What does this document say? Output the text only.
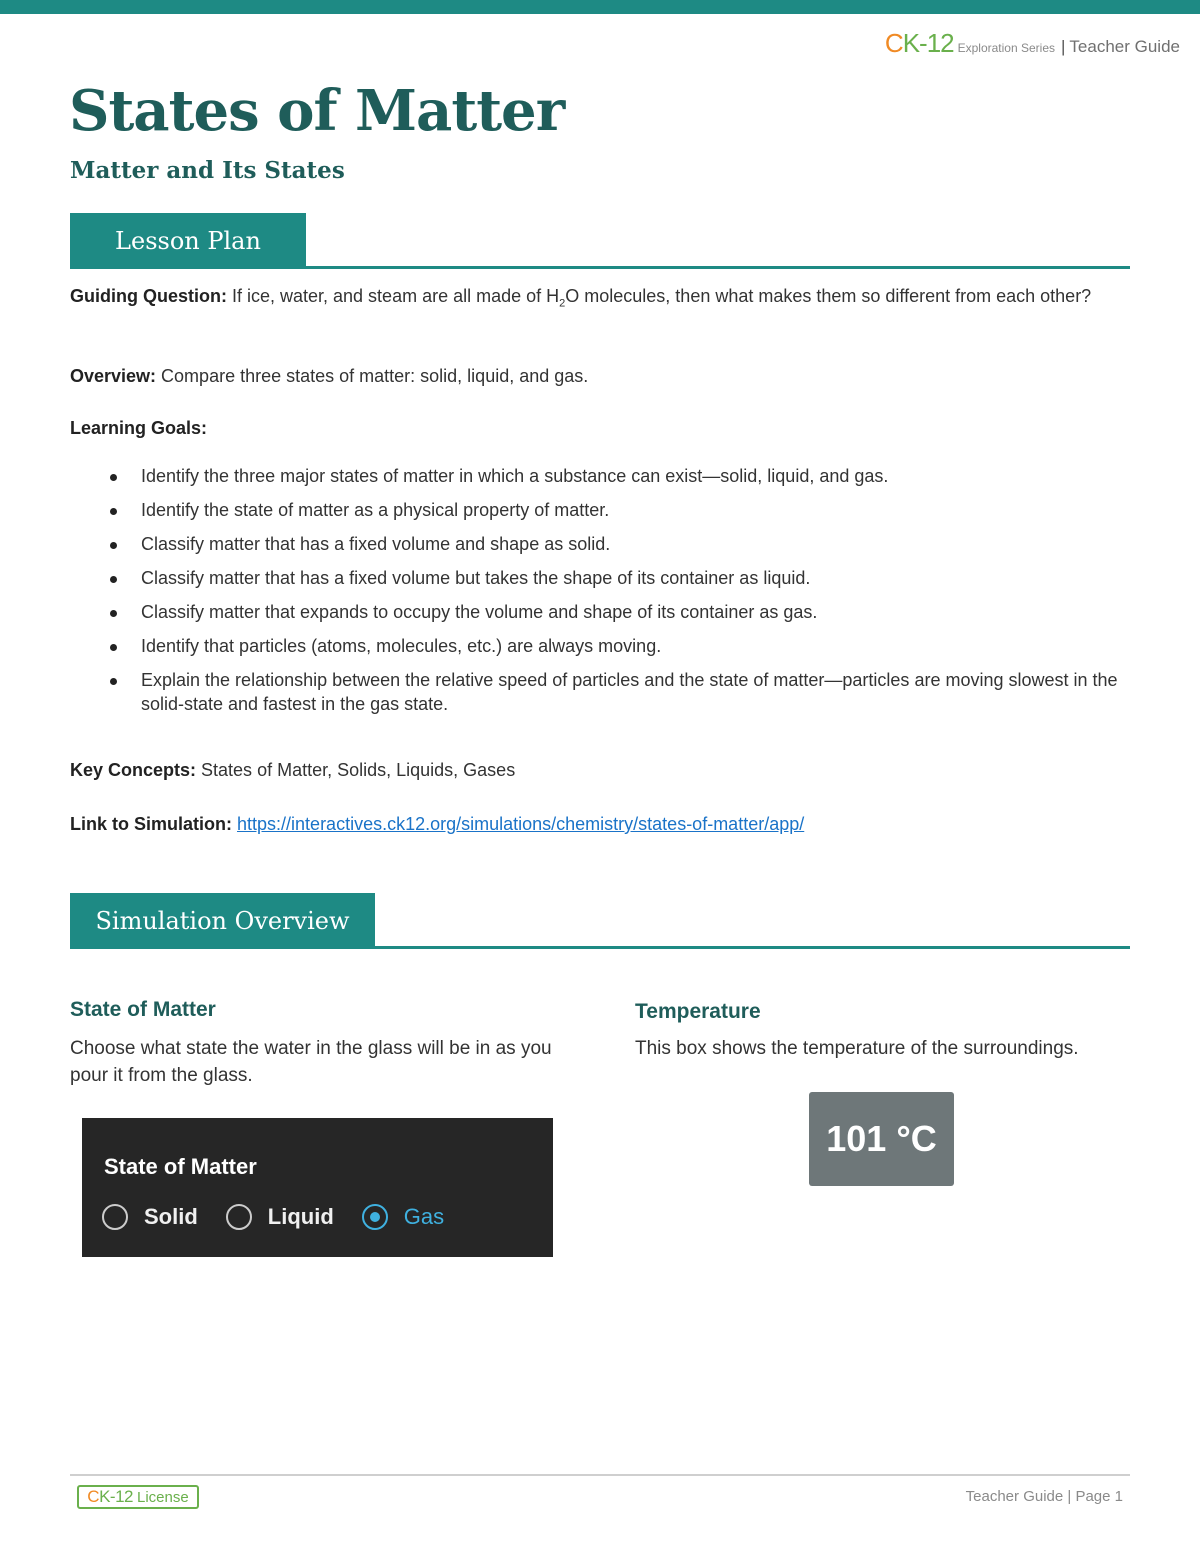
CK-12 Exploration Series | Teacher Guide
States of Matter
Matter and Its States
Lesson Plan

Guiding Question: If ice, water, and steam are all made of $H_2O$ molecules, then what makes them so different from each other?

Overview: Compare three states of matter: solid, liquid, and gas.

Learning Goals:

Identify the three major states of matter in which a substance can exist—solid, liquid, and gas.
Identify the state of matter as a physical property of matter.
Classify matter that has a fixed volume and shape as solid.
Classify matter that has a fixed volume but takes the shape of its container as liquid.
Classify matter that expands to occupy the volume and shape of its container as gas.
Identify that particles (atoms, molecules, etc.) are always moving.
Explain the relationship between the relative speed of particles and the state of matter—particles are moving slowest in the solid-state and fastest in the gas state.

Key Concepts: States of Matter, Solids, Liquids, Gases

Link to Simulation: https://interactives.ck12.org/simulations/chemistry/states-of-matter/app/

Simulation Overview
State of Matter

Choose what state the water in the glass will be in as you pour it from the glass.

State of Matter
Solid	Liquid	Gas
Temperature

This box shows the temperature of the surroundings.

101 °C
CK-12 License	Teacher Guide | Page 1
